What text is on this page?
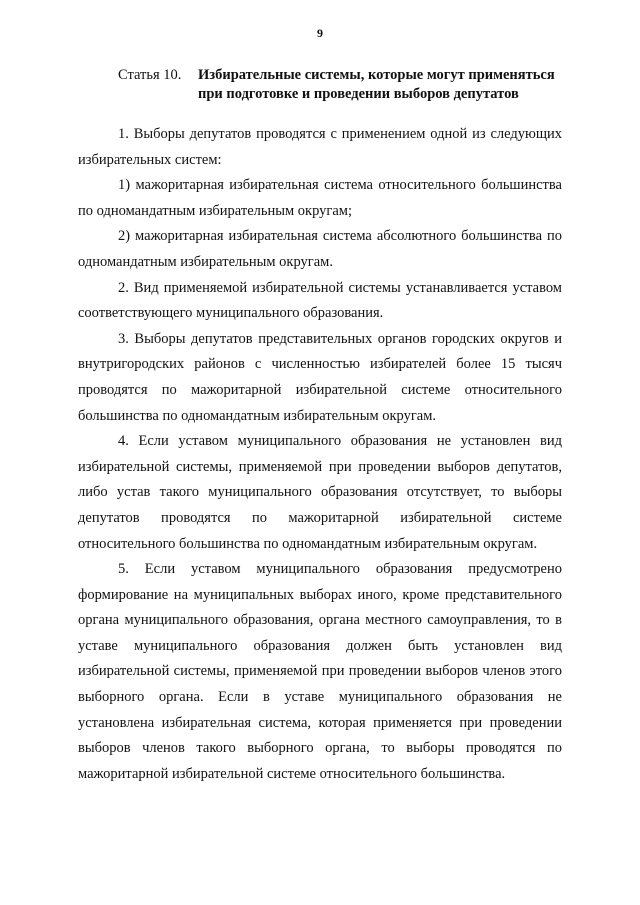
9
Статья 10.	Избирательные системы, которые могут применяться при подготовке и проведении выборов депутатов

1. Выборы депутатов проводятся с применением одной из следующих избирательных систем:

1) мажоритарная избирательная система относительного большинства по одномандатным избирательным округам;

2) мажоритарная избирательная система абсолютного большинства по одномандатным избирательным округам.

2. Вид применяемой избирательной системы устанавливается уставом соответствующего муниципального образования.

3. Выборы депутатов представительных органов городских округов и внутригородских районов с численностью избирателей более 15 тысяч проводятся по мажоритарной избирательной системе относительного большинства по одномандатным избирательным округам.

4. Если уставом муниципального образования не установлен вид избирательной системы, применяемой при проведении выборов депутатов, либо устав такого муниципального образования отсутствует, то выборы депутатов проводятся по мажоритарной избирательной системе относительного большинства по одномандатным избирательным округам.

5. Если уставом муниципального образования предусмотрено формирование на муниципальных выборах иного, кроме представительного органа муниципального образования, органа местного самоуправления, то в уставе муниципального образования должен быть установлен вид избирательной системы, применяемой при проведении выборов членов этого выборного органа. Если в уставе муниципального образования не установлена избирательная система, которая применяется при проведении выборов членов такого выборного органа, то выборы проводятся по мажоритарной избирательной системе относительного большинства.
